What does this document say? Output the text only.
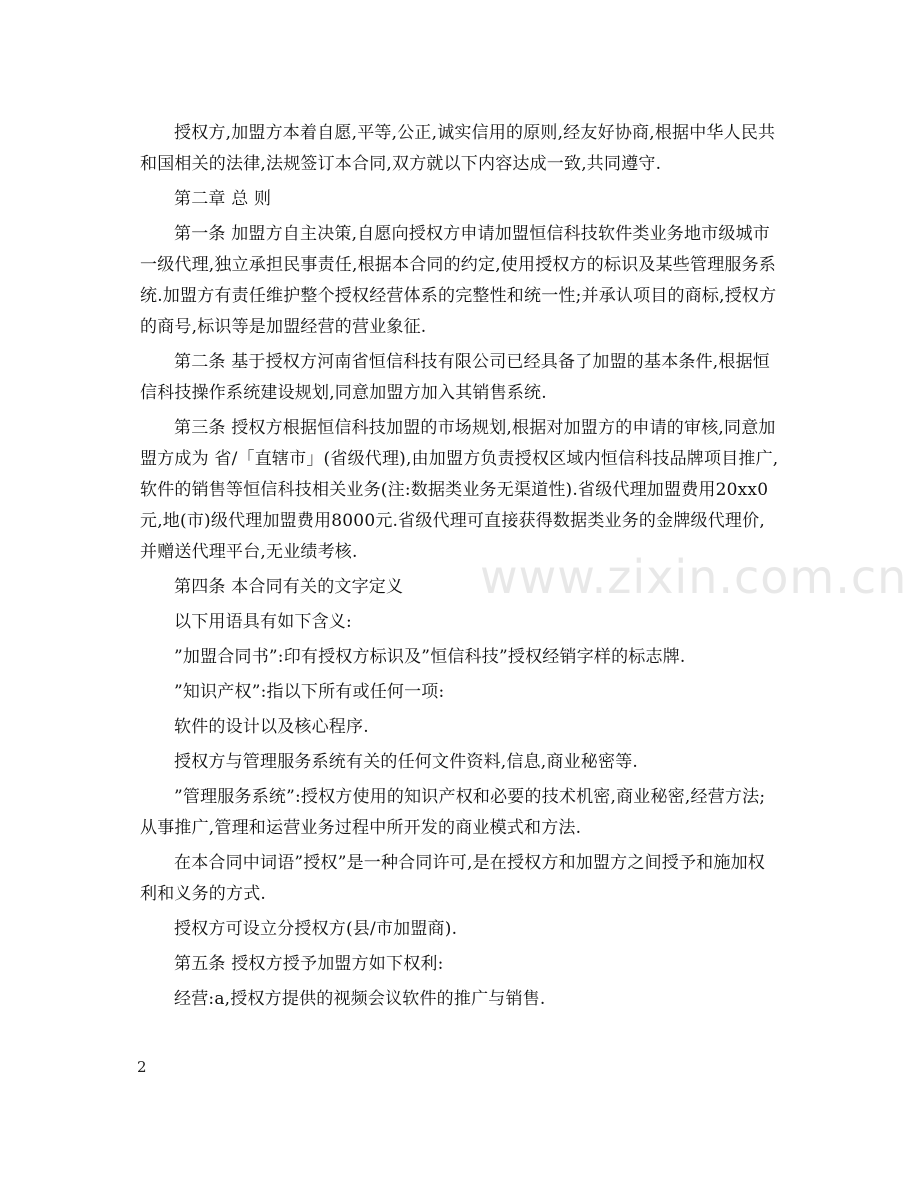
授权方,加盟方本着自愿,平等,公正,诚实信用的原则,经友好协商,根据中华人民共和国相关的法律,法规签订本合同,双方就以下内容达成一致,共同遵守.

第二章 总 则

第一条 加盟方自主决策,自愿向授权方申请加盟恒信科技软件类业务地市级城市一级代理,独立承担民事责任,根据本合同的约定,使用授权方的标识及某些管理服务系统.加盟方有责任维护整个授权经营体系的完整性和统一性;并承认项目的商标,授权方的商号,标识等是加盟经营的营业象征.

第二条 基于授权方河南省恒信科技有限公司已经具备了加盟的基本条件,根据恒信科技操作系统建设规划,同意加盟方加入其销售系统.

第三条 授权方根据恒信科技加盟的市场规划,根据对加盟方的申请的审核,同意加盟方成为 省/「直辖市」(省级代理),由加盟方负责授权区域内恒信科技品牌项目推广,软件的销售等恒信科技相关业务(注:数据类业务无渠道性).省级代理加盟费用20xx0元,地(市)级代理加盟费用8000元.省级代理可直接获得数据类业务的金牌级代理价,并赠送代理平台,无业绩考核.

第四条 本合同有关的文字定义

以下用语具有如下含义:

”加盟合同书”:印有授权方标识及”恒信科技”授权经销字样的标志牌.

”知识产权”:指以下所有或任何一项:

软件的设计以及核心程序.

授权方与管理服务系统有关的任何文件资料,信息,商业秘密等.

”管理服务系统”:授权方使用的知识产权和必要的技术机密,商业秘密,经营方法;从事推广,管理和运营业务过程中所开发的商业模式和方法.

在本合同中词语”授权”是一种合同许可,是在授权方和加盟方之间授予和施加权利和义务的方式.

授权方可设立分授权方(县/市加盟商).

第五条 授权方授予加盟方如下权利:

经营:a,授权方提供的视频会议软件的推广与销售.

www.zixin.com.cn
2
